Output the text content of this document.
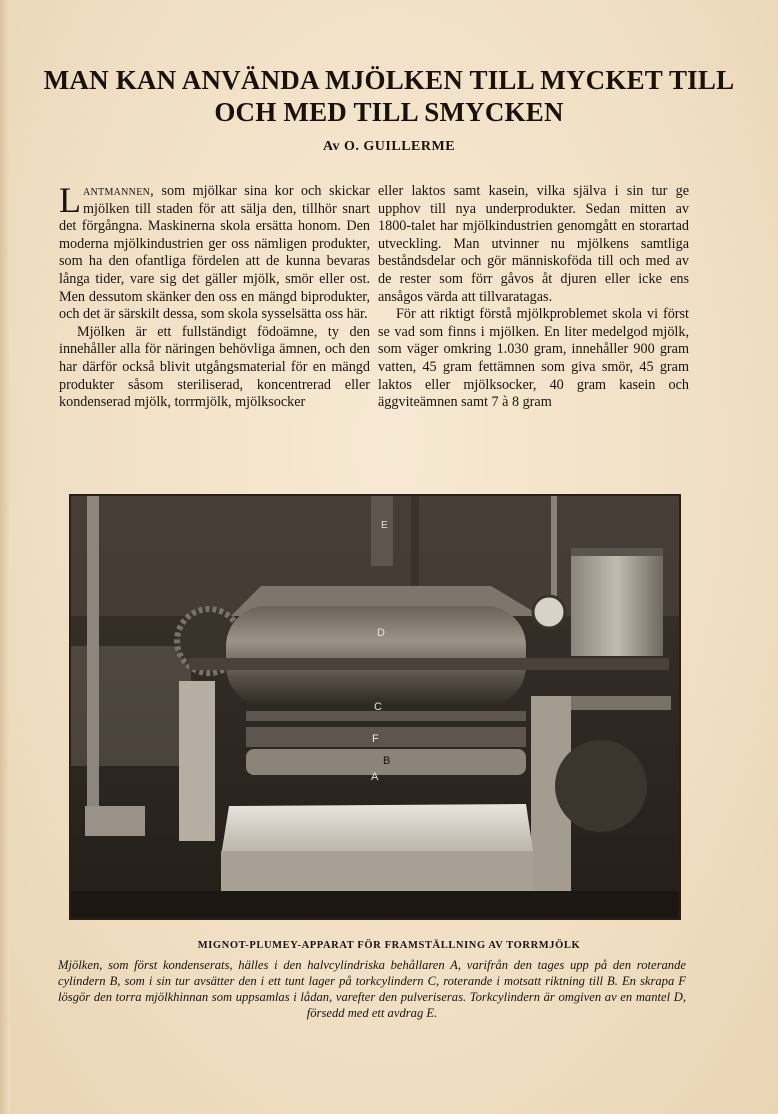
MAN KAN ANVÄNDA MJÖLKEN TILL MYCKET TILL OCH MED TILL SMYCKEN
Av O. GUILLERME

Lantmannen, som mjölkar sina kor och skickar mjölken till staden för att sälja den, tillhör snart det förgångna. Maskinerna skola ersätta honom. Den moderna mjölkindustrien ger oss nämligen produkter, som ha den ofantliga fördelen att de kunna bevaras långa tider, vare sig det gäller mjölk, smör eller ost. Men dessutom skänker den oss en mängd biprodukter, och det är särskilt dessa, som skola sysselsätta oss här.

Mjölken är ett fullständigt födoämne, ty den innehåller alla för näringen behövliga ämnen, och den har därför också blivit utgångsmaterial för en mängd produkter såsom steriliserad, koncentrerad eller kondenserad mjölk, torrmjölk, mjölksocker

eller laktos samt kasein, vilka själva i sin tur ge upphov till nya underprodukter. Sedan mitten av 1800-talet har mjölkindustrien genomgått en storartad utveckling. Man utvinner nu mjölkens samtliga beståndsdelar och gör människoföda till och med av de rester som förr gåvos åt djuren eller icke ens ansågos värda att tillvaratagas.

För att riktigt förstå mjölkproblemet skola vi först se vad som finns i mjölken. En liter medelgod mjölk, som väger omkring 1.030 gram, innehåller 900 gram vatten, 45 gram fettämnen som giva smör, 45 gram laktos eller mjölksocker, 40 gram kasein och äggviteämnen samt 7 à 8 gram

E
D
C
F
B
A
MIGNOT-PLUMEY-APPARAT FÖR FRAMSTÄLLNING AV TORRMJÖLK
Mjölken, som först kondenserats, hälles i den halvcylindriska behållaren A, varifrån den tages upp på den roterande cylindern B, som i sin tur avsätter den i ett tunt lager på torkcylindern C, roterande i motsatt riktning till B. En skrapa F lösgör den torra mjölkhinnan som uppsamlas i lådan, varefter den pulveriseras. Torkcylindern är omgiven av en mantel D, försedd med ett avdrag E.
